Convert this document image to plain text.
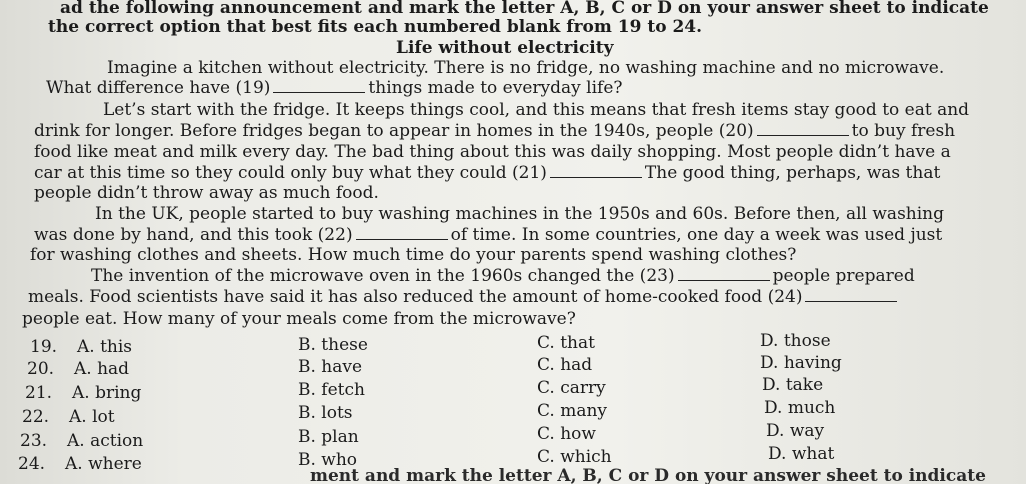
ad the following announcement and mark the letter A, B, C or D on your answer sheet to indicate
the correct option that best fits each numbered blank from 19 to 24.
Life without electricity
Imagine a kitchen without electricity. There is no fridge, no washing machine and no microwave.
What difference have (19)	things made to everyday life?
Let’s start with the fridge. It keeps things cool, and this means that fresh items stay good to eat and
drink for longer. Before fridges began to appear in homes in the 1940s, people (20)	to buy fresh
food like meat and milk every day. The bad thing about this was daily shopping. Most people didn’t have a
car at this time so they could only buy what they could (21)	The good thing, perhaps, was that
people didn’t throw away as much food.
In the UK, people started to buy washing machines in the 1950s and 60s. Before then, all washing
was done by hand, and this took (22)	of time. In some countries, one day a week was used just
for washing clothes and sheets. How much time do your parents spend washing clothes?
The invention of the microwave oven in the 1960s changed the (23)	people prepared
meals. Food scientists have said it has also reduced the amount of home-cooked food (24)
people eat. How many of your meals come from the microwave?
19. A. this	B. these	C. that	D. those
20. A. had	B. have	C. had	D. having
21. A. bring	B. fetch	C. carry	D. take
22. A. lot	B. lots	C. many	D. much
23. A. action	B. plan	C. how	D. way
24. A. where	B. who	C. which	D. what
ment and mark the letter A, B, C or D on your answer sheet to indicate
